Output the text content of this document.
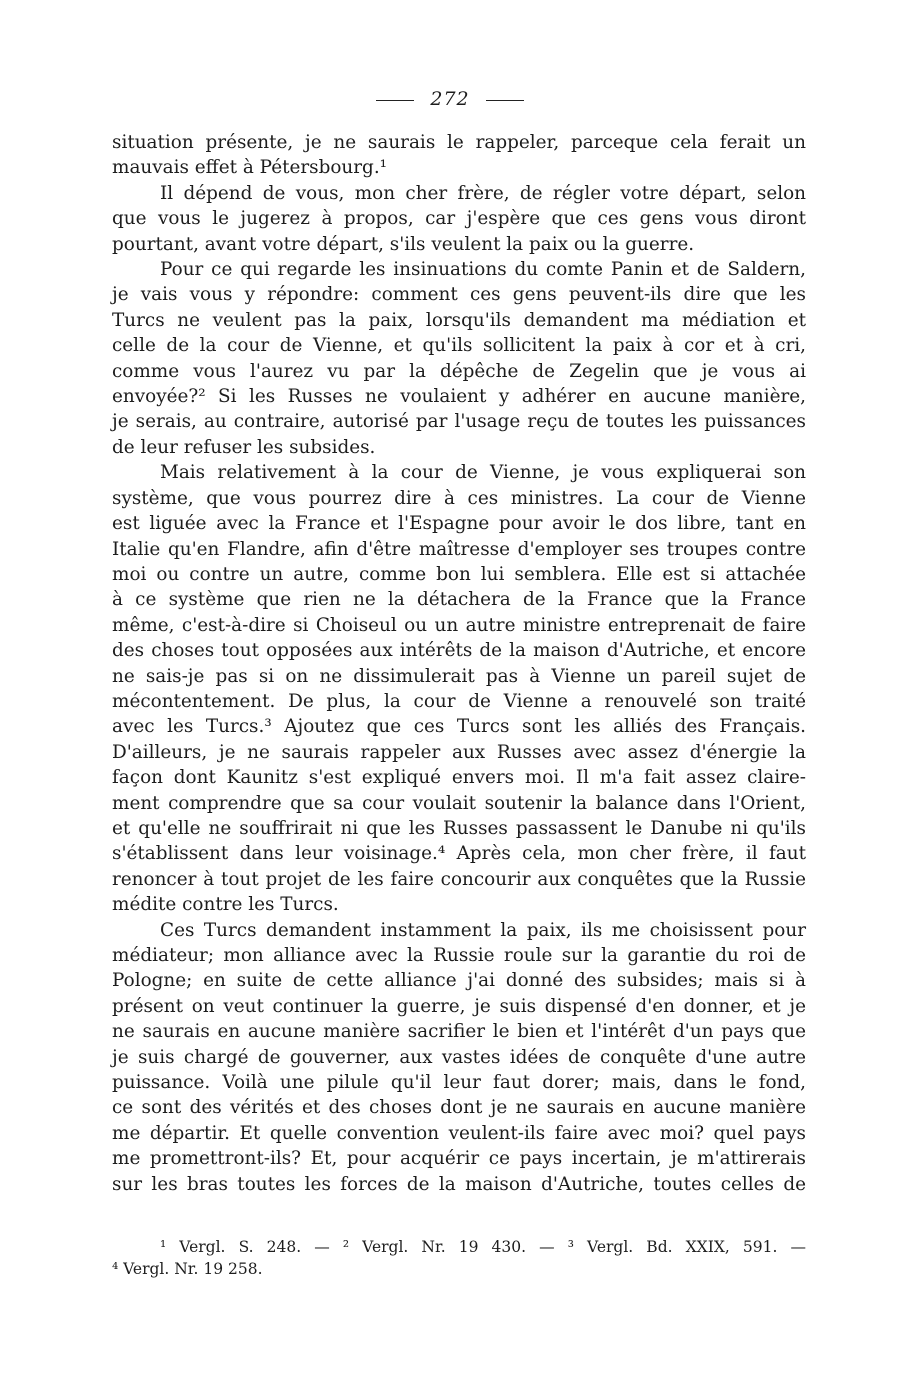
272
situation présente, je ne saurais le rappeler, parceque cela ferait un
mauvais effet à Pétersbourg.¹
Il dépend de vous, mon cher frère, de régler votre départ, selon
que vous le jugerez à propos, car j'espère que ces gens vous diront
pourtant, avant votre départ, s'ils veulent la paix ou la guerre.
Pour ce qui regarde les insinuations du comte Panin et de Saldern,
je vais vous y répondre: comment ces gens peuvent-ils dire que les
Turcs ne veulent pas la paix, lorsqu'ils demandent ma médiation et
celle de la cour de Vienne, et qu'ils sollicitent la paix à cor et à cri,
comme vous l'aurez vu par la dépêche de Zegelin que je vous ai
envoyée?² Si les Russes ne voulaient y adhérer en aucune manière,
je serais, au contraire, autorisé par l'usage reçu de toutes les puissances
de leur refuser les subsides.
Mais relativement à la cour de Vienne, je vous expliquerai son
système, que vous pourrez dire à ces ministres. La cour de Vienne
est liguée avec la France et l'Espagne pour avoir le dos libre, tant en
Italie qu'en Flandre, afin d'être maîtresse d'employer ses troupes contre
moi ou contre un autre, comme bon lui semblera. Elle est si attachée
à ce système que rien ne la détachera de la France que la France
même, c'est-à-dire si Choiseul ou un autre ministre entreprenait de faire
des choses tout opposées aux intérêts de la maison d'Autriche, et encore
ne sais-je pas si on ne dissimulerait pas à Vienne un pareil sujet de
mécontentement. De plus, la cour de Vienne a renouvelé son traité
avec les Turcs.³ Ajoutez que ces Turcs sont les alliés des Français.
D'ailleurs, je ne saurais rappeler aux Russes avec assez d'énergie la
façon dont Kaunitz s'est expliqué envers moi. Il m'a fait assez claire-
ment comprendre que sa cour voulait soutenir la balance dans l'Orient,
et qu'elle ne souffrirait ni que les Russes passassent le Danube ni qu'ils
s'établissent dans leur voisinage.⁴ Après cela, mon cher frère, il faut
renoncer à tout projet de les faire concourir aux conquêtes que la Russie
médite contre les Turcs.
Ces Turcs demandent instamment la paix, ils me choisissent pour
médiateur; mon alliance avec la Russie roule sur la garantie du roi de
Pologne; en suite de cette alliance j'ai donné des subsides; mais si à
présent on veut continuer la guerre, je suis dispensé d'en donner, et je
ne saurais en aucune manière sacrifier le bien et l'intérêt d'un pays que
je suis chargé de gouverner, aux vastes idées de conquête d'une autre
puissance. Voilà une pilule qu'il leur faut dorer; mais, dans le fond,
ce sont des vérités et des choses dont je ne saurais en aucune manière
me départir. Et quelle convention veulent-ils faire avec moi? quel pays
me promettront-ils? Et, pour acquérir ce pays incertain, je m'attirerais
sur les bras toutes les forces de la maison d'Autriche, toutes celles de
¹ Vergl. S. 248. — ² Vergl. Nr. 19 430. — ³ Vergl. Bd. XXIX, 591. —
⁴ Vergl. Nr. 19 258.
